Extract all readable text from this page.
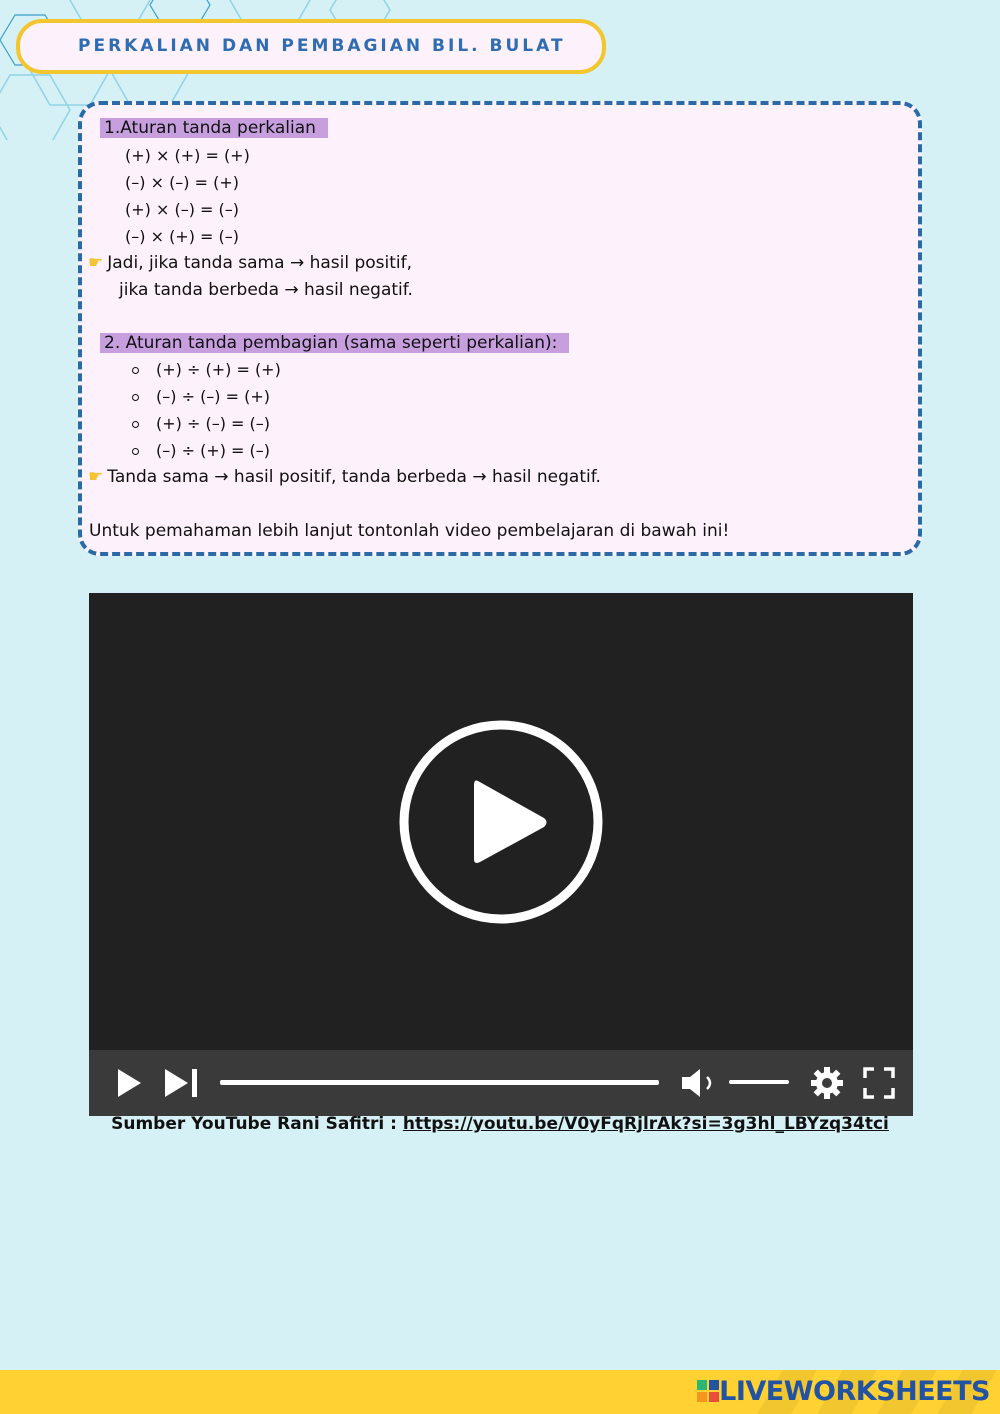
PERKALIAN DAN PEMBAGIAN BIL. BULAT
1.Aturan tanda perkalian
(+) × (+) = (+)
(–) × (–) = (+)
(+) × (–) = (–)
(–) × (+) = (–)
☛ Jadi, jika tanda sama → hasil positif,
jika tanda berbeda → hasil negatif.
2. Aturan tanda pembagian (sama seperti perkalian):
(+) ÷ (+) = (+)
(–) ÷ (–) = (+)
(+) ÷ (–) = (–)
(–) ÷ (+) = (–)
☛ Tanda sama → hasil positif, tanda berbeda → hasil negatif.
Untuk pemahaman lebih lanjut tontonlah video pembelajaran di bawah ini!
Sumber YouTube Rani Safitri : https://youtu.be/V0yFqRjlrAk?si=3g3hl_LBYzq34tci
LIVEWORKSHEETS
